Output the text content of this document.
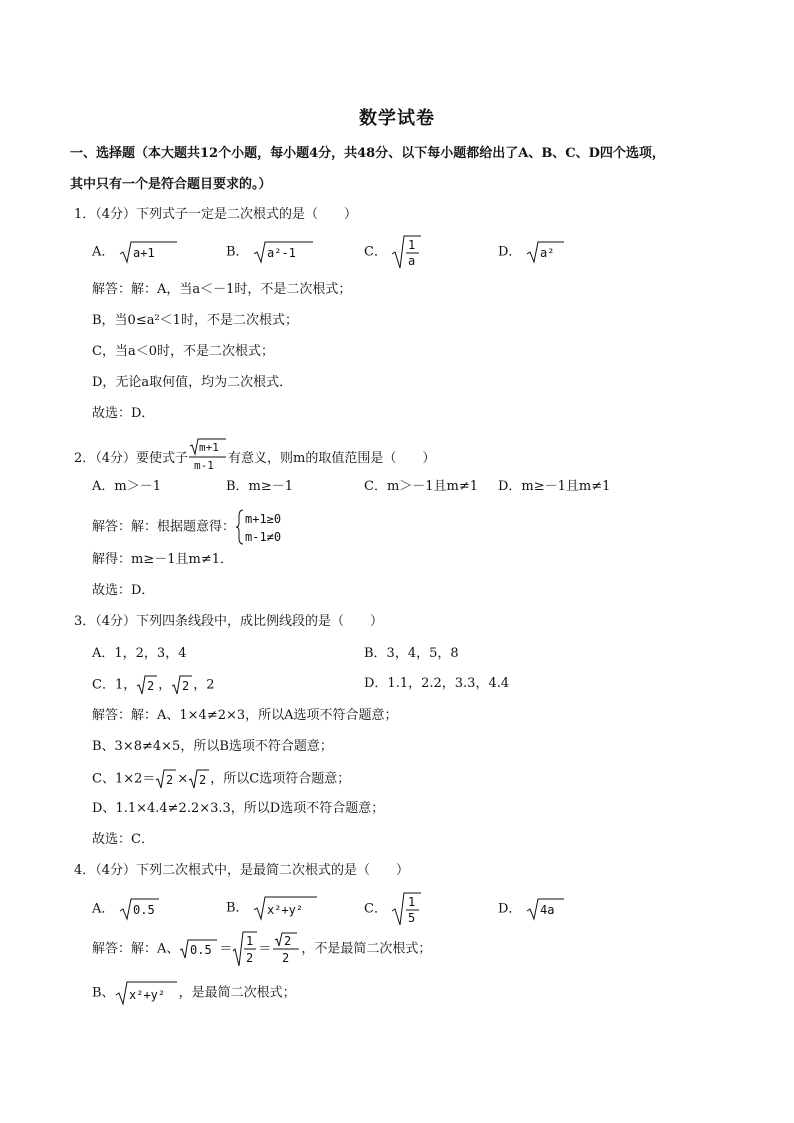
数学试卷
一、选择题（本大题共12个小题，每小题4分，共48分、以下每小题都给出了A、B、C、D四个选项，
其中只有一个是符合题目要求的。）
1．（4分）下列式子一定是二次根式的是（　　）
A． a+1	B． a²-1	C． 1
a
D． a²
解答：解：A，当a＜－1时，不是二次根式；
B，当0≤a²＜1时，不是二次根式；
C，当a＜0时，不是二次根式；
D，无论a取何值，均为二次根式．
故选：D．
2．（4分）要使式子
m+1
m-1 有意义，则m的取值范围是（　　）
A．m＞－1	B．m≥－1	C．m＞－1且m≠1 D．m≥－1且m≠1
解答：解：根据题意得：
m+1≥0
m-1≠0
解得：m≥－1且m≠1．
故选：D．
3．（4分）下列四条线段中，成比例线段的是（　　）
A．1，2，3，4	B．3，4，5，8
C．1， 2 ， 2 ，2	D．1.1，2.2，3.3，4.4
解答：解：A、1×4≠2×3，所以A选项不符合题意；
B、3×8≠4×5，所以B选项不符合题意；
C、1×2＝ 2 × 2 ，所以C选项符合题意；
D、1.1×4.4≠2.2×3.3，所以D选项不符合题意；
故选：C．
4．（4分）下列二次根式中，是最简二次根式的是（　　）
A． 0.5	B． x²+y²	C． 1
5
D． 4a
解答：解：A、 0.5 ＝
1
2
＝
2
2
，不是最简二次根式；
B、 x²+y² ，是最简二次根式；
